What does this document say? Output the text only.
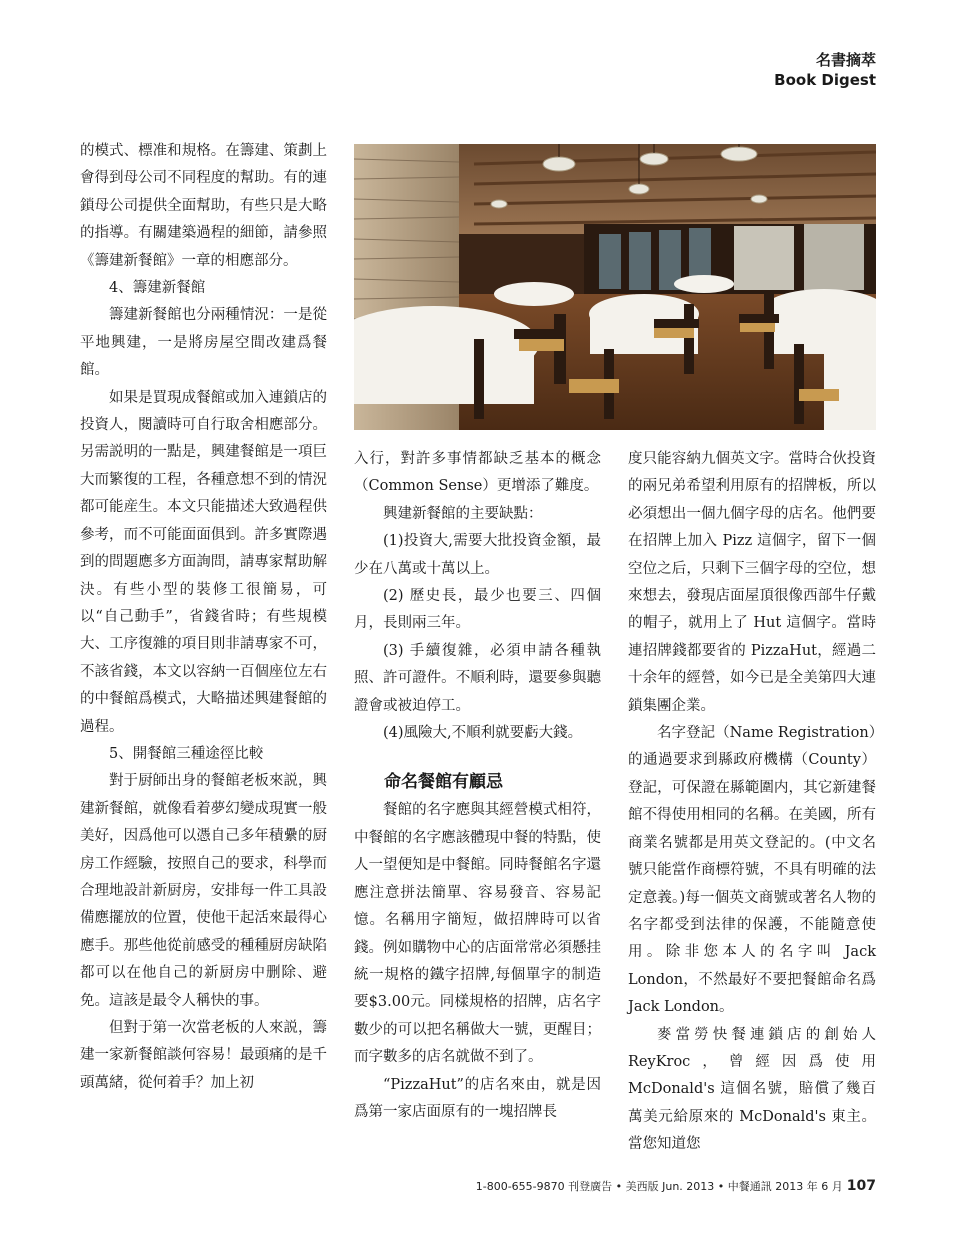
名書摘萃
Book Digest

的模式、標准和規格。在籌建、策劃上會得到母公司不同程度的幫助。有的連鎖母公司提供全面幫助，有些只是大略的指導。有關建築過程的細節，請參照《籌建新餐館》一章的相應部分。

4、籌建新餐館

籌建新餐館也分兩種情況：一是從平地興建，一是將房屋空間改建爲餐館。

如果是買現成餐館或加入連鎖店的投資人，閱讀時可自行取舍相應部分。另需説明的一點是，興建餐館是一項巨大而繁復的工程，各種意想不到的情況都可能産生。本文只能描述大致過程供參考，而不可能面面俱到。許多實際遇到的問題應多方面詢問，請專家幫助解決。有些小型的裝修工很簡易，可以“自己動手”，省錢省時；有些規模大、工序復雜的項目則非請專家不可，不該省錢，本文以容納一百個座位左右的中餐館爲模式，大略描述興建餐館的過程。

5、開餐館三種途徑比較

對于厨師出身的餐館老板來説，興建新餐館，就像看着夢幻變成現實一般美好，因爲他可以憑自己多年積纍的厨房工作經驗，按照自己的要求，科學而合理地設計新厨房，安排每一件工具設備應擺放的位置，使他干起活來最得心應手。那些他從前感受的種種厨房缺陷都可以在他自己的新厨房中删除、避免。這該是最令人稱快的事。

但對于第一次當老板的人來説，籌建一家新餐館談何容易！最頭痛的是千頭萬緒，從何着手？加上初

入行，對許多事情都缺乏基本的概念（Common Sense）更增添了難度。

興建新餐館的主要缺點：

(1)投資大,需要大批投資金額，最少在八萬或十萬以上。

(2) 歷史長，最少也要三、四個月，長則兩三年。

(3) 手續復雜，必須申請各種執照、許可證件。不順利時，還要參與聽證會或被迫停工。

(4)風險大,不順利就要虧大錢。

命名餐館有顧忌

餐館的名字應與其經營模式相符，中餐館的名字應該體現中餐的特點，使人一望便知是中餐館。同時餐館名字還應注意拼法簡單、容易發音、容易記憶。名稱用字簡短，做招牌時可以省錢。例如購物中心的店面常常必須懸挂統一規格的鐵字招牌,每個單字的制造要$3.00元。同樣規格的招牌，店名字數少的可以把名稱做大一號，更醒目；而字數多的店名就做不到了。

“PizzaHut”的店名來由，就是因爲第一家店面原有的一塊招牌長

度只能容納九個英文字。當時合伙投資的兩兄弟希望利用原有的招牌板，所以必須想出一個九個字母的店名。他們要在招牌上加入 Pizz 這個字，留下一個空位之后，只剩下三個字母的空位，想來想去，發現店面屋頂很像西部牛仔戴的帽子，就用上了 Hut 這個字。當時連招牌錢都要省的 PizzaHut，經過二十余年的經營，如今已是全美第四大連鎖集團企業。

名字登記（Name Registration）的通過要求到縣政府機構（County）登記，可保證在縣範圍内，其它新建餐館不得使用相同的名稱。在美國，所有商業名號都是用英文登記的。(中文名號只能當作商標符號，不具有明確的法定意義。)每一個英文商號或著名人物的名字都受到法律的保護，不能隨意使用。除非您本人的名字叫 Jack London，不然最好不要把餐館命名爲 Jack London。

麥當勞快餐連鎖店的創始人 ReyKroc，曾經因爲使用 McDonald's 這個名號，賠償了幾百萬美元給原來的 McDonald's 東主。當您知道您

1-800-655-9870 刊登廣告 • 美西版 Jun. 2013 • 中餐通訊 2013 年 6 月 107
